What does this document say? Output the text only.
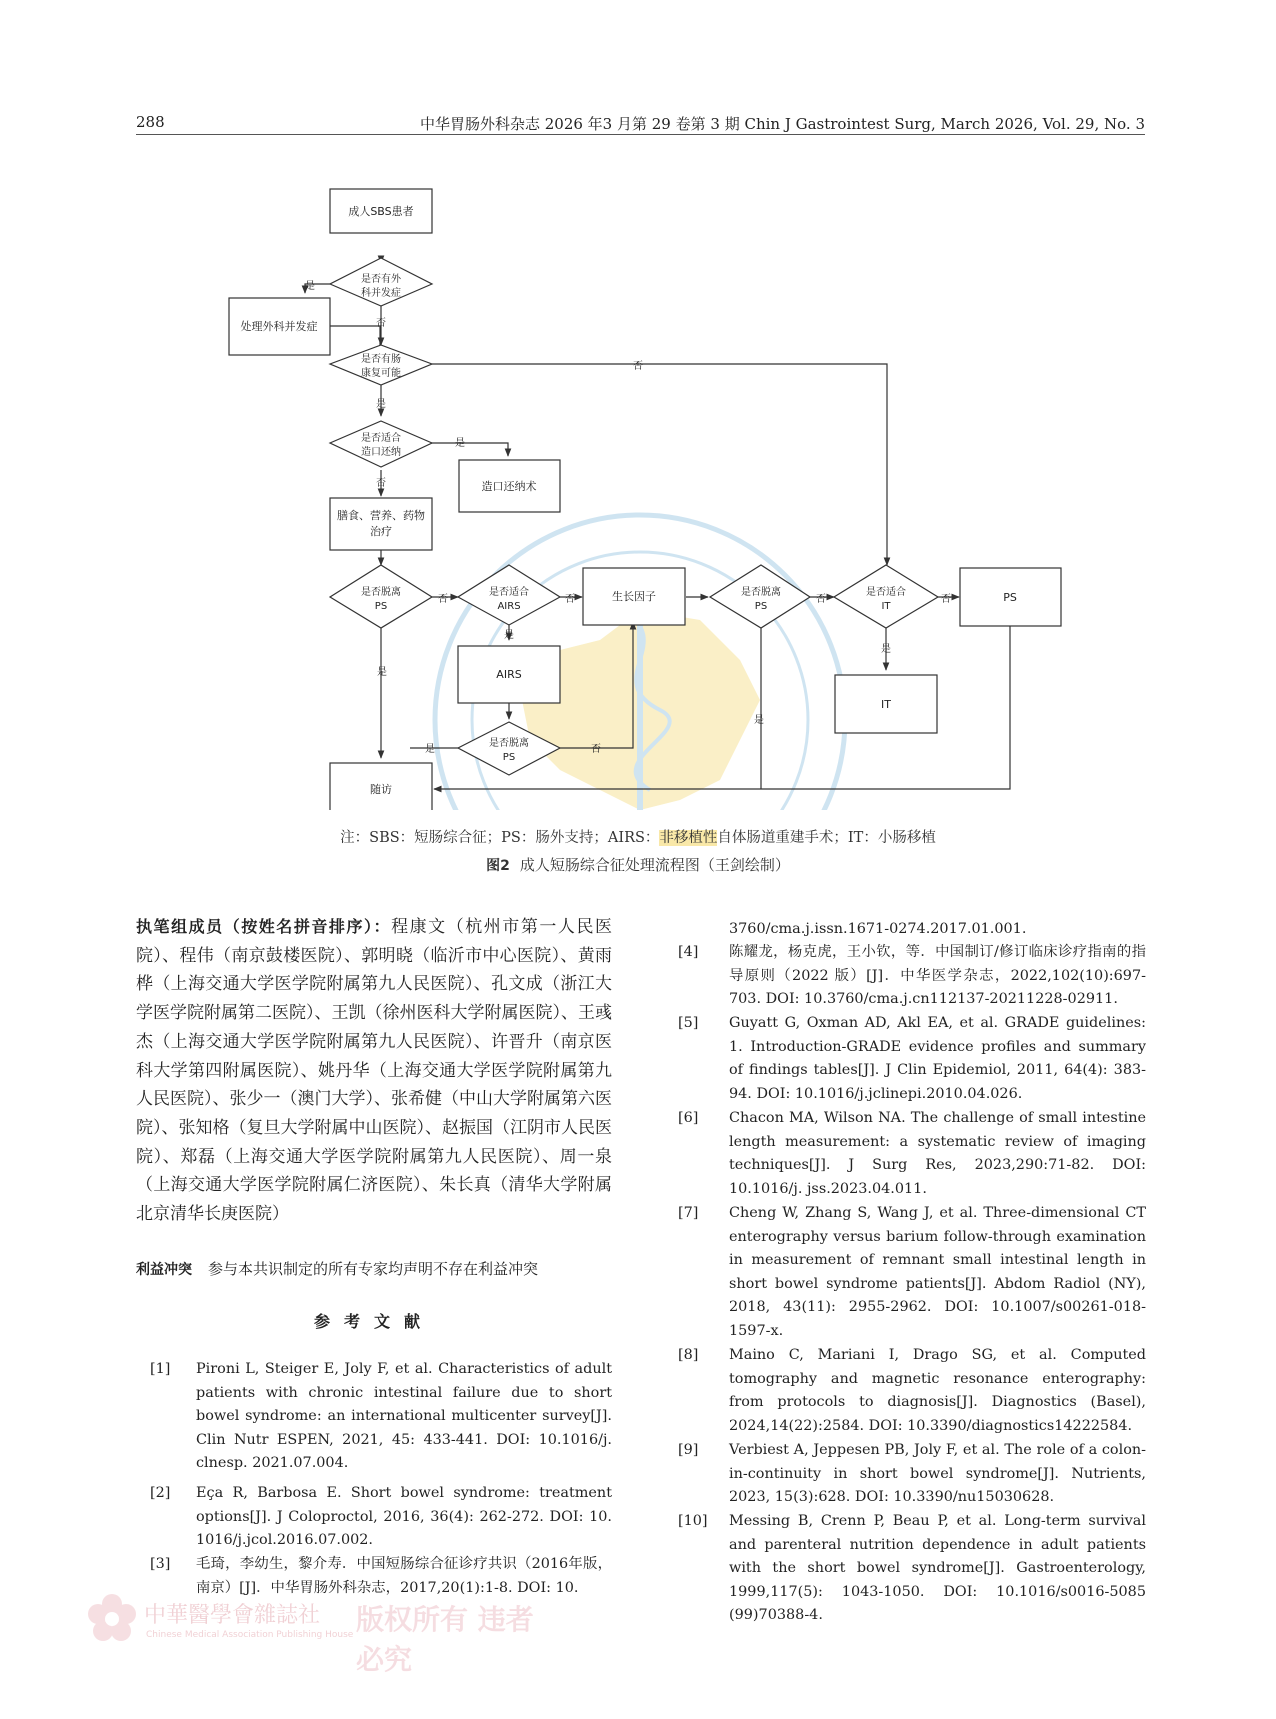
288	中华胃肠外科杂志 2026 年3 月第 29 卷第 3 期 Chin J Gastrointest Surg, March 2026, Vol. 29, No. 3
成人SBS患者
处理外科并发症
造口还纳术
膳食、营养、药物
治疗
生长因子	PS
AIRS
IT
随访
是否有外
科并发症
是否有肠
康复可能
是否适合
造口还纳
是否脱离
PS
是否适合
AIRS
是否脱离
PS
是否适合
IT
是否脱离
PS
是
否
否
是
是
否
否	否	否	否
是
是
是
是
是	否
注：SBS：短肠综合征；PS：肠外支持；AIRS：非移植性自体肠道重建手术；IT：小肠移植
图2 成人短肠综合征处理流程图（王剑绘制）
执笔组成员（按姓名拼音排序）：程康文（杭州市第一人民医院）、程伟（南京鼓楼医院）、郭明晓（临沂市中心医院）、黄雨桦（上海交通大学医学院附属第九人民医院）、孔文成（浙江大学医学院附属第二医院）、王凯（徐州医科大学附属医院）、王彧杰（上海交通大学医学院附属第九人民医院）、许晋升（南京医科大学第四附属医院）、姚丹华（上海交通大学医学院附属第九人民医院）、张少一（澳门大学）、张希健（中山大学附属第六医院）、张知格（复旦大学附属中山医院）、赵振国（江阴市人民医院）、郑磊（上海交通大学医学院附属第九人民医院）、周一泉（上海交通大学医学院附属仁济医院）、朱长真（清华大学附属北京清华长庚医院）
利益冲突 参与本共识制定的所有专家均声明不存在利益冲突
参考文献
[1] Pironi L, Steiger E, Joly F, et al. Characteristics of adult patients with chronic intestinal failure due to short bowel syndrome: an international multicenter survey[J]. Clin Nutr ESPEN, 2021, 45: 433-441. DOI: 10.1016/j. clnesp. 2021.07.004.
[2] Eça R, Barbosa E. Short bowel syndrome: treatment options[J]. J Coloproctol, 2016, 36(4): 262-272. DOI: 10. 1016/j.jcol.2016.07.002.
[3] 毛琦，李幼生，黎介寿．中国短肠综合征诊疗共识（2016年版，南京）[J]．中华胃肠外科杂志，2017,20(1):1-8. DOI: 10.
3760/cma.j.issn.1671-0274.2017.01.001.
[4] 陈耀龙，杨克虎，王小钦，等．中国制订/修订临床诊疗指南的指导原则（2022 版）[J]．中华医学杂志，2022,102(10):697-703. DOI: 10.3760/cma.j.cn112137-20211228-02911.
[5] Guyatt G, Oxman AD, Akl EA, et al. GRADE guidelines: 1. Introduction-GRADE evidence profiles and summary of findings tables[J]. J Clin Epidemiol, 2011, 64(4): 383-94. DOI: 10.1016/j.jclinepi.2010.04.026.
[6] Chacon MA, Wilson NA. The challenge of small intestine length measurement: a systematic review of imaging techniques[J]. J Surg Res, 2023,290:71-82. DOI: 10.1016/j. jss.2023.04.011.
[7] Cheng W, Zhang S, Wang J, et al. Three-dimensional CT enterography versus barium follow-through examination in measurement of remnant small intestinal length in short bowel syndrome patients[J]. Abdom Radiol (NY), 2018, 43(11): 2955-2962. DOI: 10.1007/s00261-018-1597-x.
[8] Maino C, Mariani I, Drago SG, et al. Computed tomography and magnetic resonance enterography: from protocols to diagnosis[J]. Diagnostics (Basel), 2024,14(22):2584. DOI: 10.3390/diagnostics14222584.
[9] Verbiest A, Jeppesen PB, Joly F, et al. The role of a colon-in-continuity in short bowel syndrome[J]. Nutrients, 2023, 15(3):628. DOI: 10.3390/nu15030628.
[10] Messing B, Crenn P, Beau P, et al. Long-term survival and parenteral nutrition dependence in adult patients with the short bowel syndrome[J]. Gastroenterology, 1999,117(5): 1043-1050. DOI: 10.1016/s0016-5085 (99)70388-4.
中華醫學會雜誌社
Chinese Medical Association Publishing House 版权所有 违者必究
